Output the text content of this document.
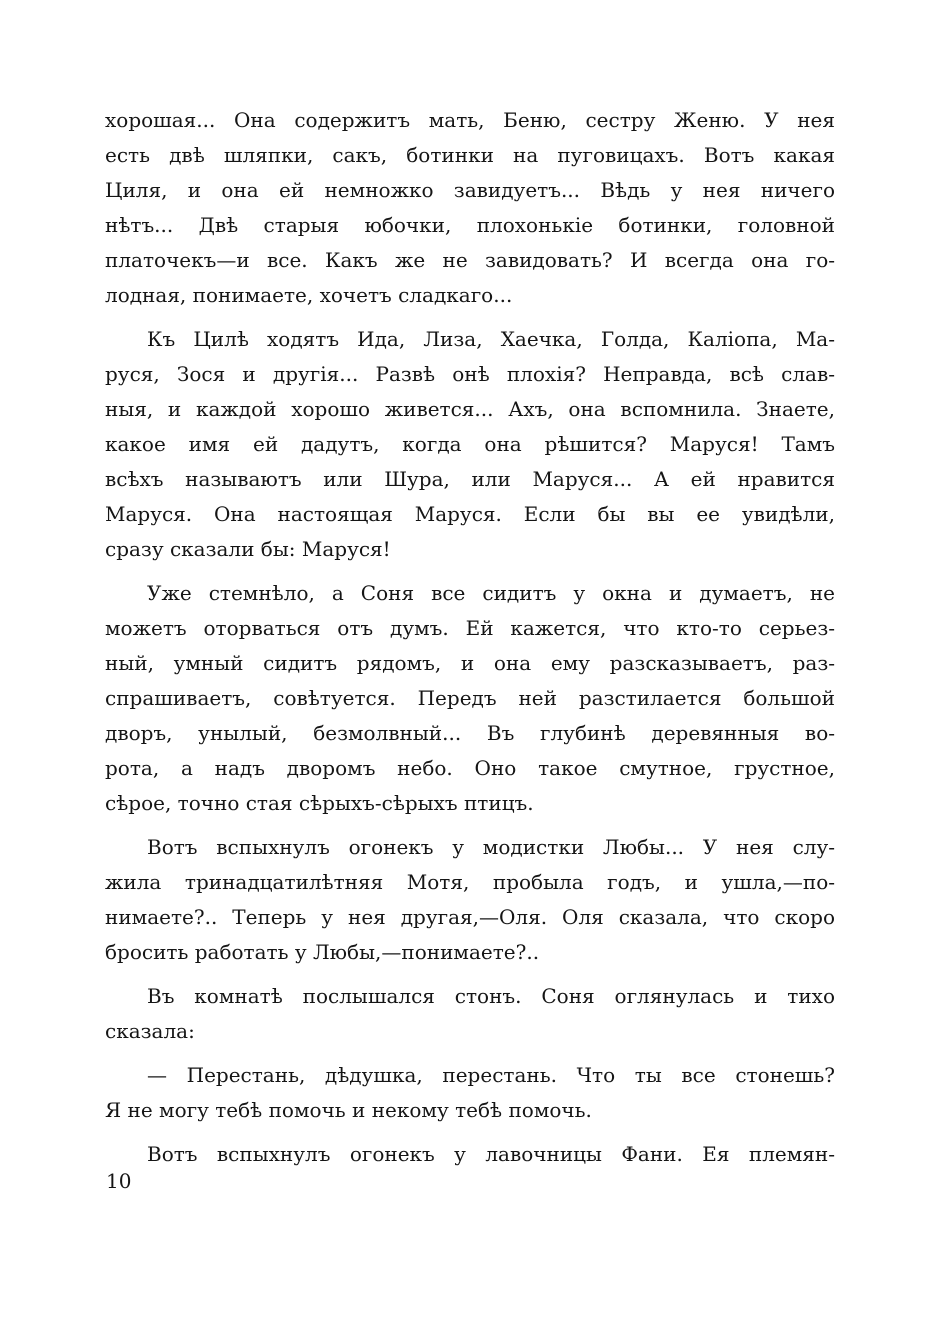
хорошая... Она содержитъ мать, Беню, сестру Женю. У нея
есть двѣ шляпки, сакъ, ботинки на пуговицахъ. Вотъ какая
Циля, и она ей немножко завидуетъ... Вѣдь у нея ничего
нѣтъ... Двѣ старыя юбочки, плохонькіе ботинки, головной
платочекъ—и все. Какъ же не завидовать? И всегда она го-
лодная, понимаете, хочетъ сладкаго...
Къ Цилѣ ходятъ Ида, Лиза, Хаечка, Голда, Каліопа, Ма-
руся, Зося и другія... Развѣ онѣ плохія? Неправда, всѣ слав-
ныя, и каждой хорошо живется... Ахъ, она вспомнила. Знаете,
какое имя ей дадутъ, когда она рѣшится? Маруся! Тамъ
всѣхъ называютъ или Шура, или Маруся... А ей нравится
Маруся. Она настоящая Маруся. Если бы вы ее увидѣли,
сразу сказали бы: Маруся!
Уже стемнѣло, а Соня все сидитъ у окна и думаетъ, не
можетъ оторваться отъ думъ. Ей кажется, что кто-то серьез-
ный, умный сидитъ рядомъ, и она ему разсказываетъ, раз-
спрашиваетъ, совѣтуется. Передъ ней разстилается большой
дворъ, унылый, безмолвный... Въ глубинѣ деревянныя во-
рота, а надъ дворомъ небо. Оно такое смутное, грустное,
сѣрое, точно стая сѣрыхъ-сѣрыхъ птицъ.
Вотъ вспыхнулъ огонекъ у модистки Любы... У нея слу-
жила тринадцатилѣтняя Мотя, пробыла годъ, и ушла,—по-
нимаете?.. Теперь у нея другая,—Оля. Оля сказала, что скоро
бросить работать у Любы,—понимаете?..
Въ комнатѣ послышался стонъ. Соня оглянулась и тихо
сказала:
— Перестань, дѣдушка, перестань. Что ты все стонешь?
Я не могу тебѣ помочь и некому тебѣ помочь.
Вотъ вспыхнулъ огонекъ у лавочницы Фани. Ея племян-
10
